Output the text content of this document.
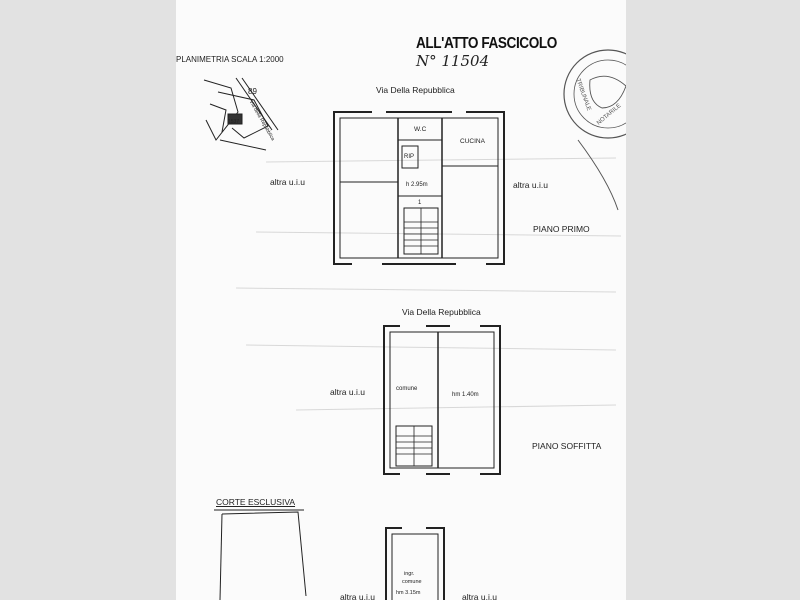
PLANIMETRIA SCALA 1:2000
ALL'ATTO FASCICOLO
N° 11504
89
1537 Via della Repubblica
TRIBUNALE
NOTARILE
Via Della Repubblica
W.C
CUCINA
RIP
h 2.95m
1
altra u.i.u	altra u.i.u
PIANO PRIMO
Via Della Repubblica
comune
hm 1.40m
altra u.i.u
PIANO SOFFITTA
CORTE ESCLUSIVA
ingr.
comune
hm 3.15m
altra u.i.u	altra u.i.u
